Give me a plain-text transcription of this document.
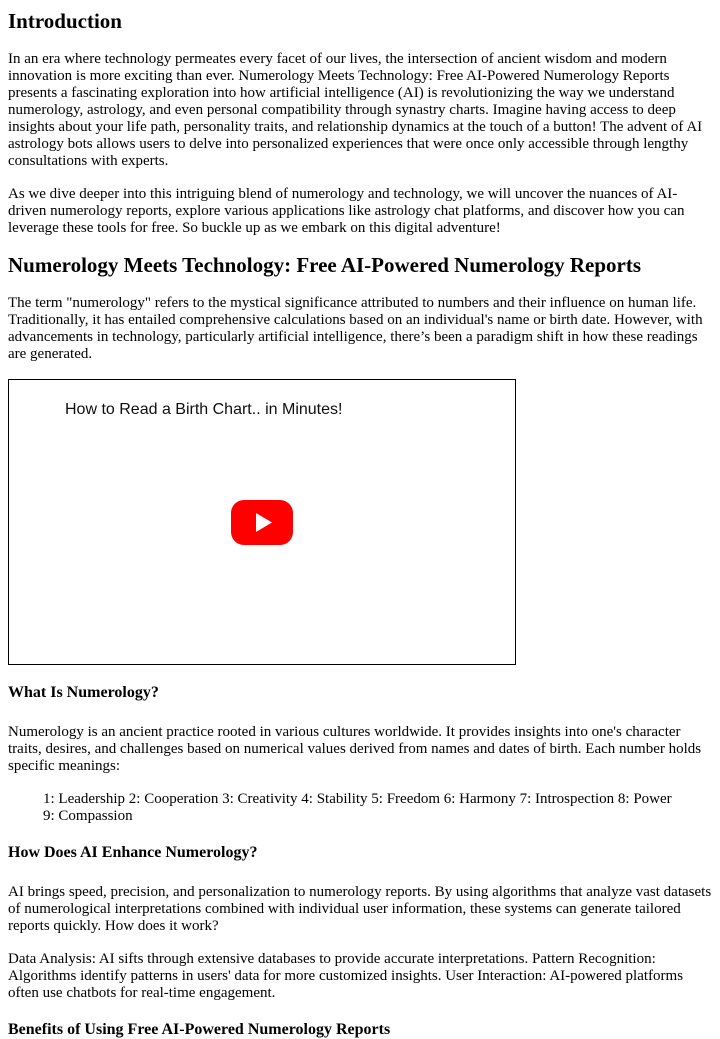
Introduction

In an era where technology permeates every facet of our lives, the intersection of ancient wisdom and modern innovation is more exciting than ever. Numerology Meets Technology: Free AI-Powered Numerology Reports presents a fascinating exploration into how artificial intelligence (AI) is revolutionizing the way we understand numerology, astrology, and even personal compatibility through synastry charts. Imagine having access to deep insights about your life path, personality traits, and relationship dynamics at the touch of a button! The advent of AI astrology bots allows users to delve into personalized experiences that were once only accessible through lengthy consultations with experts.

As we dive deeper into this intriguing blend of numerology and technology, we will uncover the nuances of AI-driven numerology reports, explore various applications like astrology chat platforms, and discover how you can leverage these tools for free. So buckle up as we embark on this digital adventure!

Numerology Meets Technology: Free AI-Powered Numerology Reports

The term "numerology" refers to the mystical significance attributed to numbers and their influence on human life. Traditionally, it has entailed comprehensive calculations based on an individual's name or birth date. However, with advancements in technology, particularly artificial intelligence, there’s been a paradigm shift in how these readings are generated.

How to Read a Birth Chart.. in Minutes!
What Is Numerology?

Numerology is an ancient practice rooted in various cultures worldwide. It provides insights into one's character traits, desires, and challenges based on numerical values derived from names and dates of birth. Each number holds specific meanings:

1: Leadership 2: Cooperation 3: Creativity 4: Stability 5: Freedom 6: Harmony 7: Introspection 8: Power 9: Compassion
How Does AI Enhance Numerology?

AI brings speed, precision, and personalization to numerology reports. By using algorithms that analyze vast datasets of numerological interpretations combined with individual user information, these systems can generate tailored reports quickly. How does it work?

Data Analysis: AI sifts through extensive databases to provide accurate interpretations. Pattern Recognition: Algorithms identify patterns in users' data for more customized insights. User Interaction: AI-powered platforms often use chatbots for real-time engagement.

Benefits of Using Free AI-Powered Numerology Reports
